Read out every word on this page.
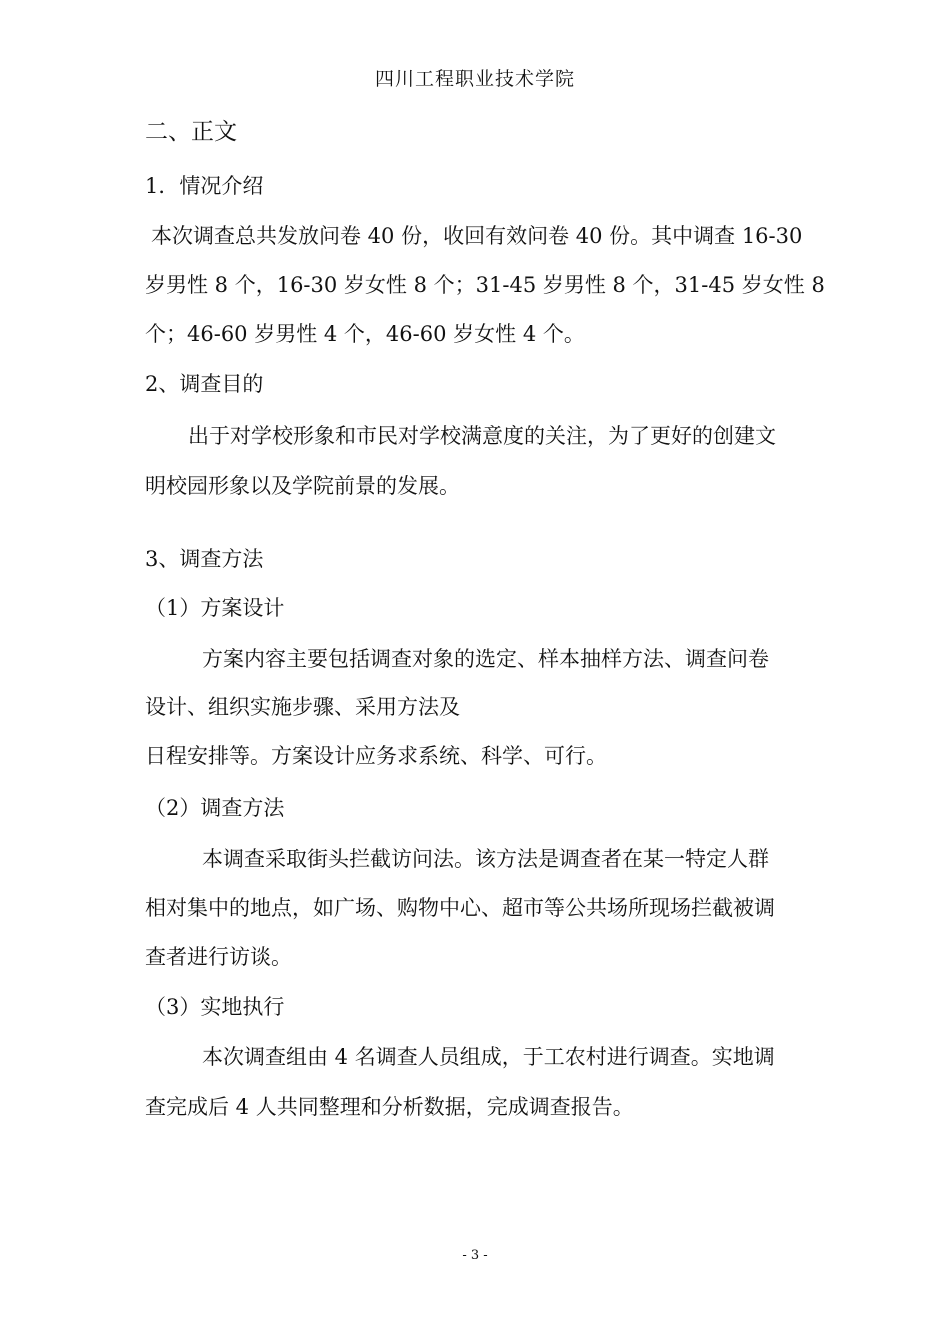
四川工程职业技术学院
二、正文
1．情况介绍
本次调查总共发放问卷 40 份，收回有效问卷 40 份。其中调查 16-30
岁男性 8 个，16-30 岁女性 8 个；31-45 岁男性 8 个，31-45 岁女性 8
个；46-60 岁男性 4 个，46-60 岁女性 4 个。
2、调查目的
出于对学校形象和市民对学校满意度的关注，为了更好的创建文
明校园形象以及学院前景的发展。
3、调查方法
（1）方案设计
方案内容主要包括调查对象的选定、样本抽样方法、调查问卷
设计、组织实施步骤、采用方法及
日程安排等。方案设计应务求系统、科学、可行。
（2）调查方法
本调查采取街头拦截访问法。该方法是调查者在某一特定人群
相对集中的地点，如广场、购物中心、超市等公共场所现场拦截被调
查者进行访谈。
（3）实地执行
本次调查组由 4 名调查人员组成，于工农村进行调查。实地调
查完成后 4 人共同整理和分析数据，完成调查报告。
- 3 -
